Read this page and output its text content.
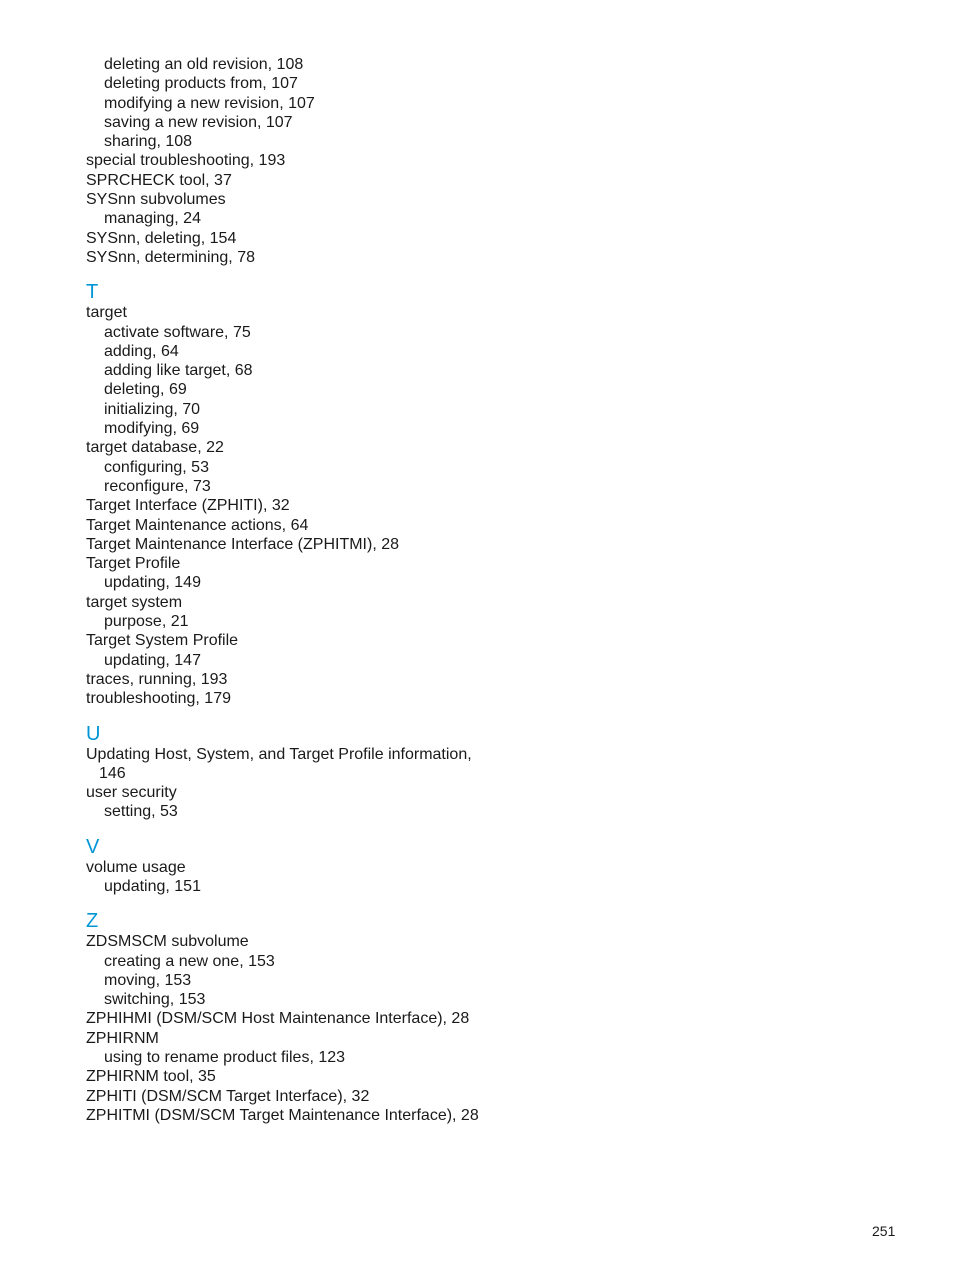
deleting an old revision, 108
deleting products from, 107
modifying a new revision, 107
saving a new revision, 107
sharing, 108
special troubleshooting, 193
SPRCHECK tool, 37
SYSnn subvolumes
managing, 24
SYSnn, deleting, 154
SYSnn, determining, 78
T
target
activate software, 75
adding, 64
adding like target, 68
deleting, 69
initializing, 70
modifying, 69
target database, 22
configuring, 53
reconfigure, 73
Target Interface (ZPHITI), 32
Target Maintenance actions, 64
Target Maintenance Interface (ZPHITMI), 28
Target Profile
updating, 149
target system
purpose, 21
Target System Profile
updating, 147
traces, running, 193
troubleshooting, 179
U
Updating Host, System, and Target Profile information,
146
user security
setting, 53
V
volume usage
updating, 151
Z
ZDSMSCM subvolume
creating a new one, 153
moving, 153
switching, 153
ZPHIHMI (DSM/SCM Host Maintenance Interface), 28
ZPHIRNM
using to rename product files, 123
ZPHIRNM tool, 35
ZPHITI (DSM/SCM Target Interface), 32
ZPHITMI (DSM/SCM Target Maintenance Interface), 28
251
